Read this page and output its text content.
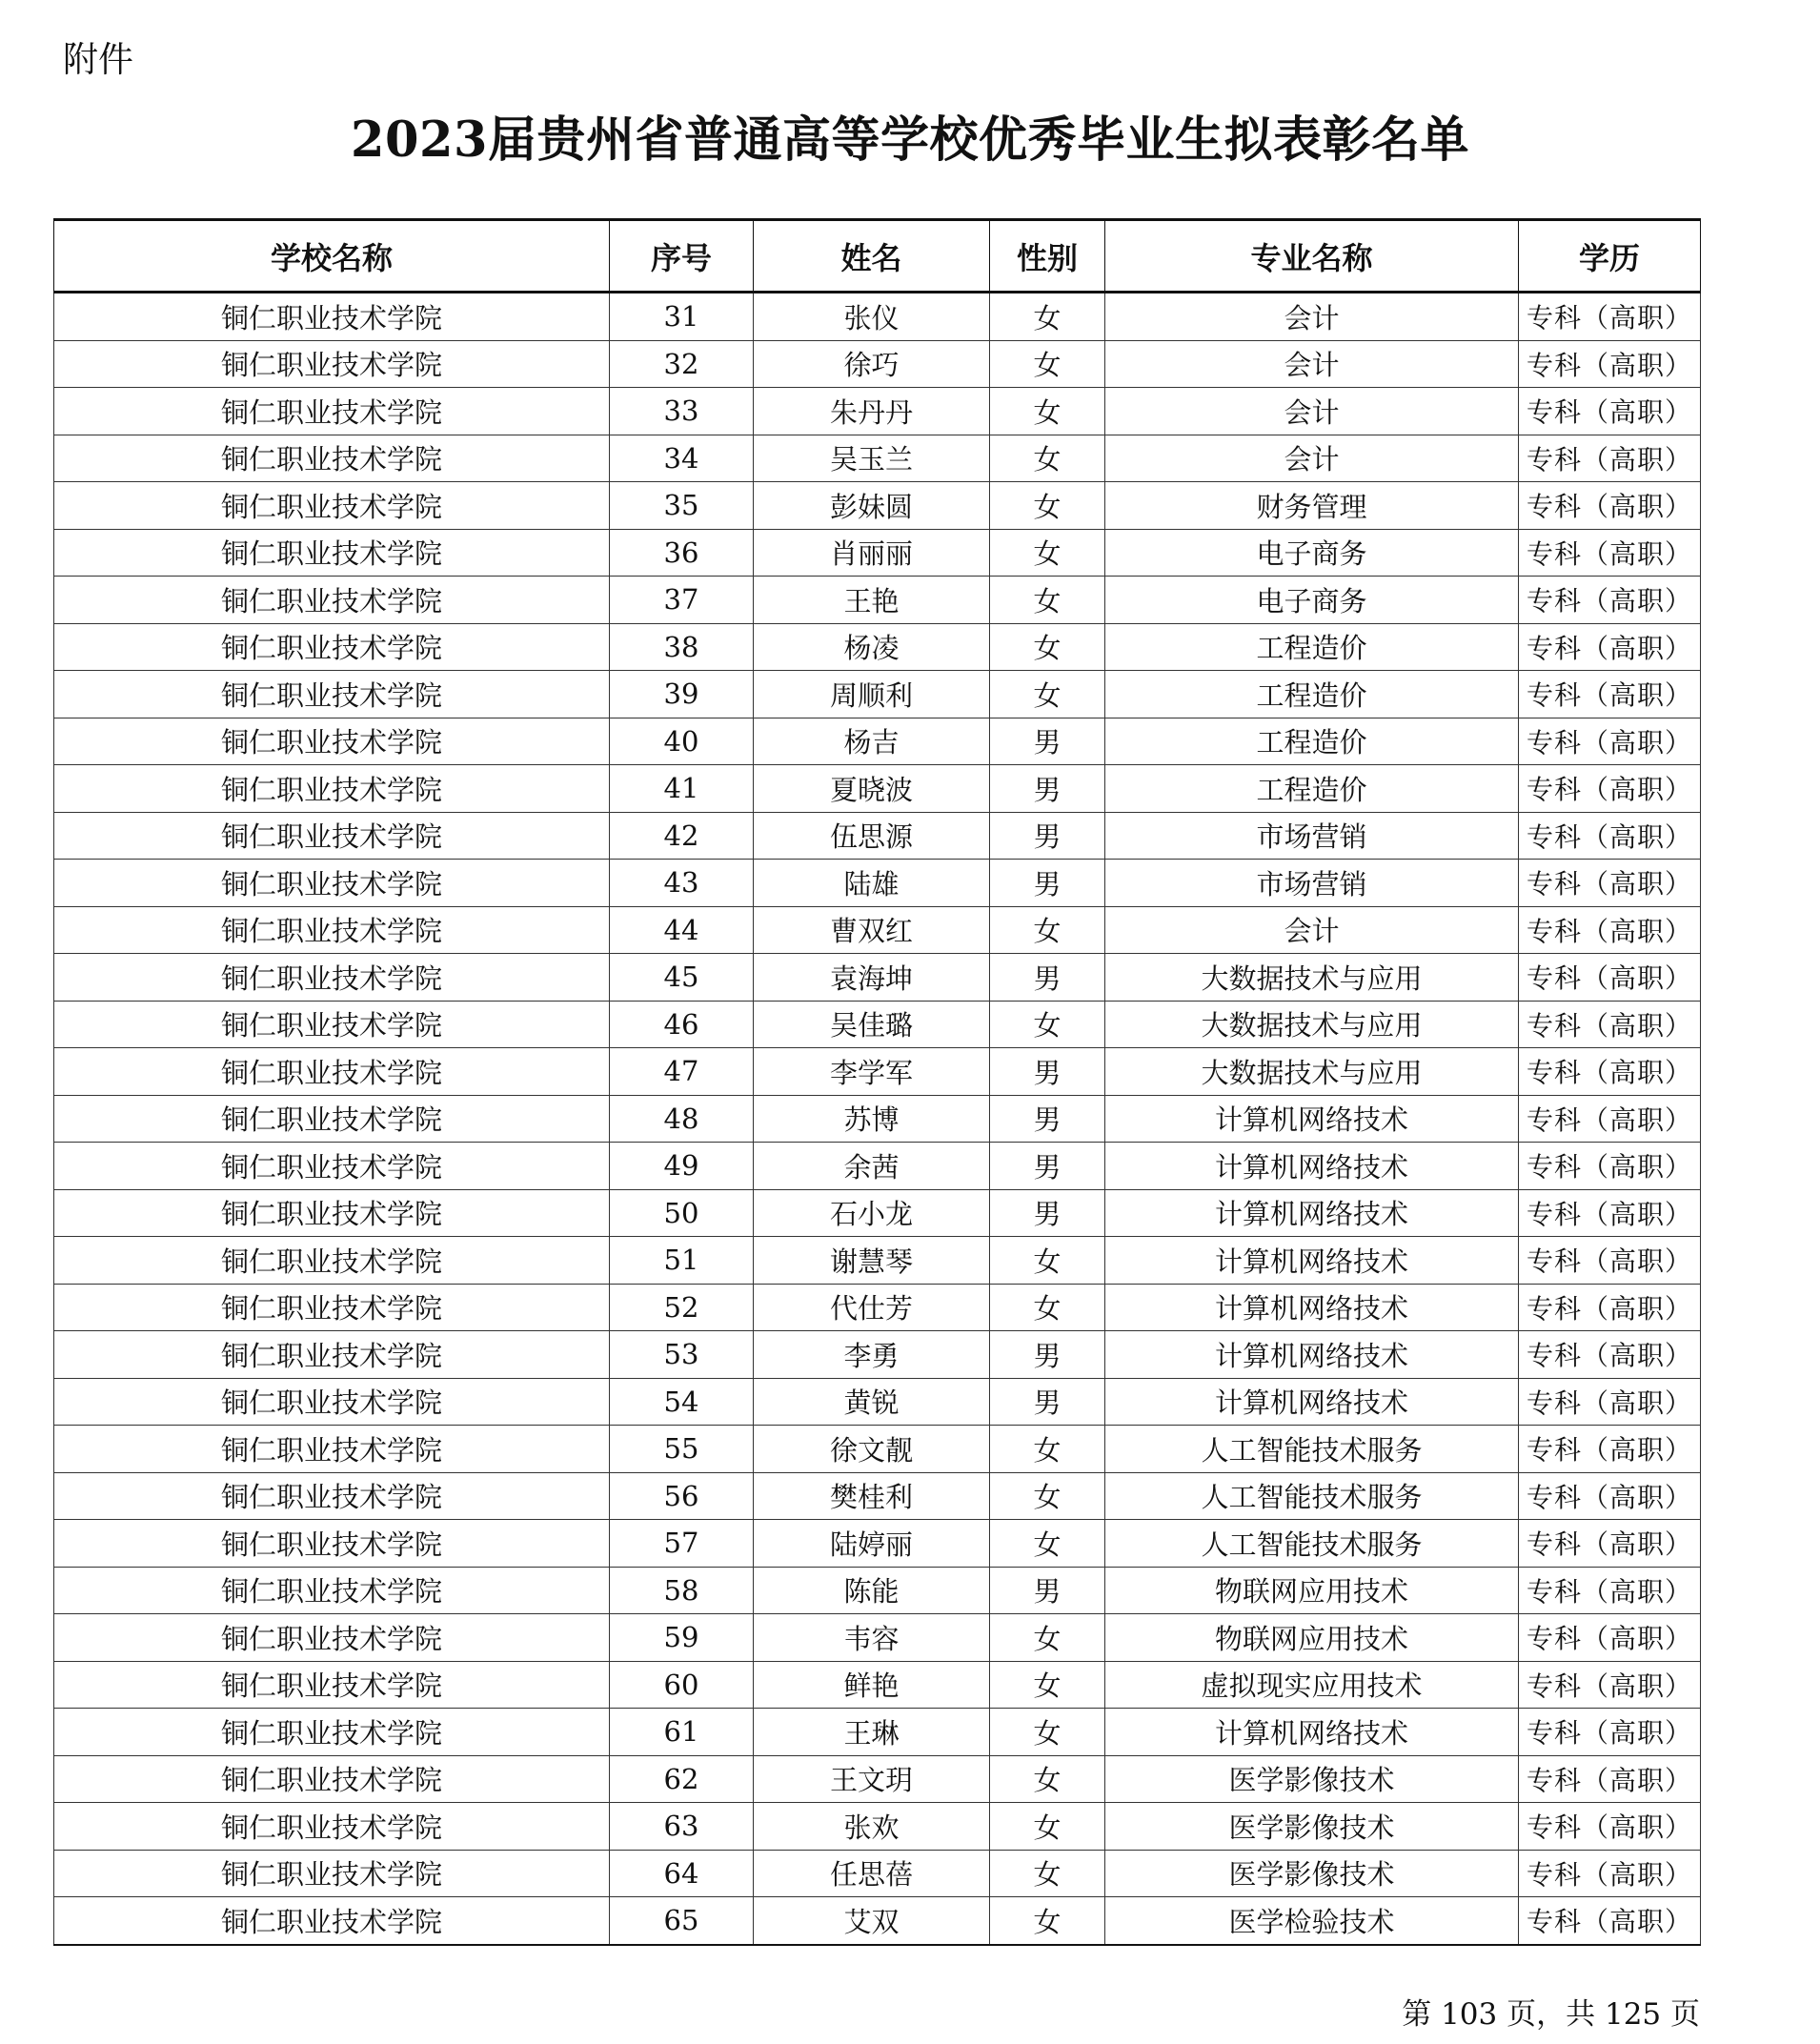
附件
2023届贵州省普通高等学校优秀毕业生拟表彰名单
学校名称	序号	姓名	性别	专业名称	学历
铜仁职业技术学院	31	张仪	女	会计	专科（高职）
铜仁职业技术学院	32	徐巧	女	会计	专科（高职）
铜仁职业技术学院	33	朱丹丹	女	会计	专科（高职）
铜仁职业技术学院	34	吴玉兰	女	会计	专科（高职）
铜仁职业技术学院	35	彭妹圆	女	财务管理	专科（高职）
铜仁职业技术学院	36	肖丽丽	女	电子商务	专科（高职）
铜仁职业技术学院	37	王艳	女	电子商务	专科（高职）
铜仁职业技术学院	38	杨凌	女	工程造价	专科（高职）
铜仁职业技术学院	39	周顺利	女	工程造价	专科（高职）
铜仁职业技术学院	40	杨吉	男	工程造价	专科（高职）
铜仁职业技术学院	41	夏晓波	男	工程造价	专科（高职）
铜仁职业技术学院	42	伍思源	男	市场营销	专科（高职）
铜仁职业技术学院	43	陆雄	男	市场营销	专科（高职）
铜仁职业技术学院	44	曹双红	女	会计	专科（高职）
铜仁职业技术学院	45	袁海坤	男	大数据技术与应用	专科（高职）
铜仁职业技术学院	46	吴佳璐	女	大数据技术与应用	专科（高职）
铜仁职业技术学院	47	李学军	男	大数据技术与应用	专科（高职）
铜仁职业技术学院	48	苏博	男	计算机网络技术	专科（高职）
铜仁职业技术学院	49	余茜	男	计算机网络技术	专科（高职）
铜仁职业技术学院	50	石小龙	男	计算机网络技术	专科（高职）
铜仁职业技术学院	51	谢慧琴	女	计算机网络技术	专科（高职）
铜仁职业技术学院	52	代仕芳	女	计算机网络技术	专科（高职）
铜仁职业技术学院	53	李勇	男	计算机网络技术	专科（高职）
铜仁职业技术学院	54	黄锐	男	计算机网络技术	专科（高职）
铜仁职业技术学院	55	徐文靓	女	人工智能技术服务	专科（高职）
铜仁职业技术学院	56	樊桂利	女	人工智能技术服务	专科（高职）
铜仁职业技术学院	57	陆婷丽	女	人工智能技术服务	专科（高职）
铜仁职业技术学院	58	陈能	男	物联网应用技术	专科（高职）
铜仁职业技术学院	59	韦容	女	物联网应用技术	专科（高职）
铜仁职业技术学院	60	鲜艳	女	虚拟现实应用技术	专科（高职）
铜仁职业技术学院	61	王琳	女	计算机网络技术	专科（高职）
铜仁职业技术学院	62	王文玥	女	医学影像技术	专科（高职）
铜仁职业技术学院	63	张欢	女	医学影像技术	专科（高职）
铜仁职业技术学院	64	任思蓓	女	医学影像技术	专科（高职）
铜仁职业技术学院	65	艾双	女	医学检验技术	专科（高职）
第 103 页，共 125 页
